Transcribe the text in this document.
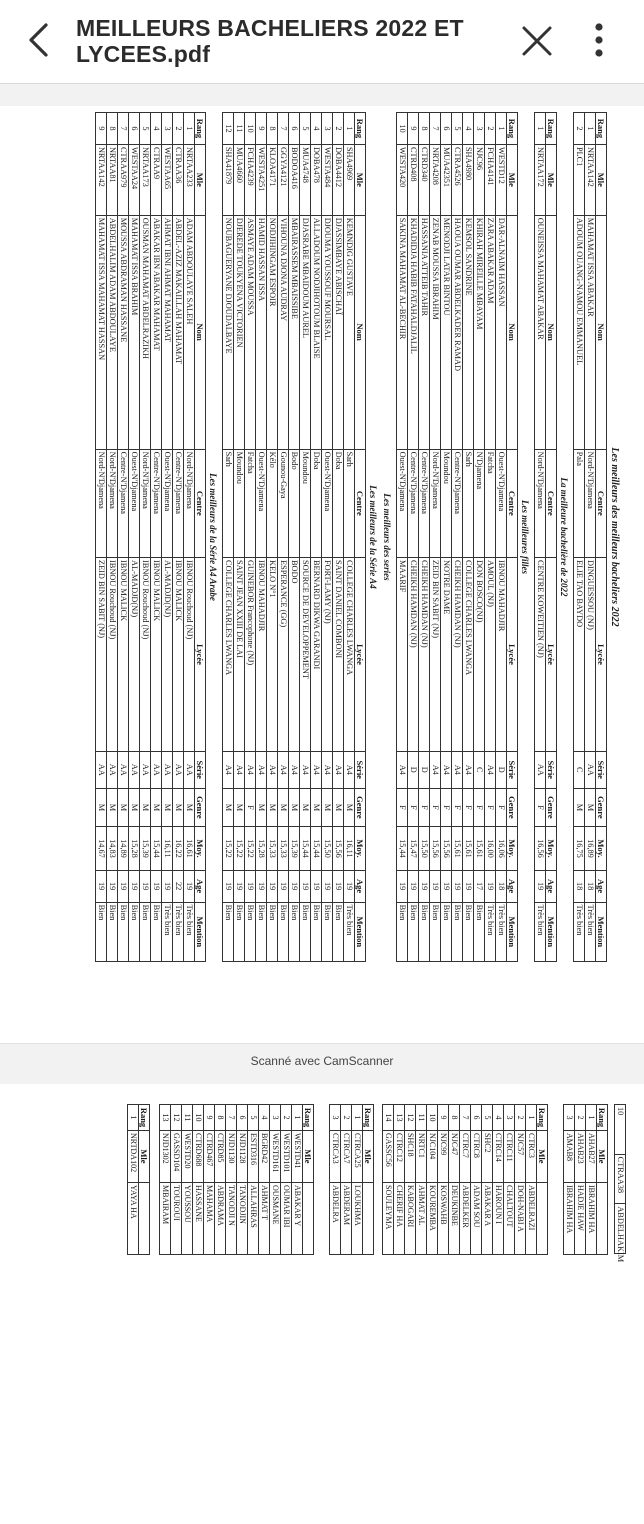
MEILLEURS BACHELIERS 2022 ET LYCEES.pdf
Les meilleurs des meilleurs bacheliers 2022
Rang	Mle	Nom	Centre	Lycée	Série	Genre	Moy.	Age	Mention
1	NRTAA142	MAHAMAT ISSA ABAKAR	Nord-N'Djamena	DINGUESSOU (NJ)	AA	M	16,89	18	Très bien
2	PLC1	ADOUM OUANG-NAMOU EMMANUEL	Pala	ELIE TAO BAYDO	C	M	16,75	18	Très bien
La meilleure bachelière de 2022
Rang	Mle	Nom	Centre	Lycée	Série	Genre	Moy.	Age	Mention
1	NRTAA172	OUNEISSA MAHAMAT ABAKAR	Nord-N'Djamena	CENTRE KOWEITIEN (NJ)	AA	F	16,56	19	Très bien
Les meilleures filles
Rang	Mle	Nom	Centre	Lycée	Série	Genre	Moy.	Age	Mention
1	WESTD12	DAR-ALNAIM HASSAN	Ouest-N'Djamena	IBNOU MAHADJIR	D	F	16,06	18	Très bien
2	FCHA4141	ZARA ABAKAR ADAM	Fatcha	AMOUL (NJ)	A4	F	16,00	19	Très bien
3	NJC96	KHIRAH MIREILLE MBAYAM	N'Djamena	DON BOSCO(NJ)	C	F	15,61	17	Bien
4	SHA4980	KEMSOL SANDRINE	Sarh	COLLEGE CHARLES LWANGA	A4	F	15,61	19	Bien
5	CTRA4526	HAOUA OUMAR ABDELKADER RAMAD	Centre-N'Djamena	CHEIKH HAMDAN (NJ)	A4	F	15,61	19	Bien
6	MUA42351	MENODJI LATAR BINTOU	Moundou	NOTRE DAME	A4	F	15,56	19	Bien
7	NRTA4208	ZENAB MOUSSA IBRAHIM	Nord-N'Djamena	ZEID BIN SABIT (NJ)	A4	F	15,56	19	Bien
8	CTRD340	HASSANIA ATTEIB TAHIR	Centre-N'Djamena	CHEIKH HAMDAN (NJ)	D	F	15,50	19	Bien
9	CTRD408	KHADIDJA HABIB FATAHALDJALIL	Centre-N'Djamena	CHEIKH HAMDAN (NJ)	D	F	15,47	19	Bien
10	WESTA420	SAKINA MAHAMAT AL-BECHIR	Ouest-N'Djamena	MAARIF	A4	F	15,44	19	Bien
Les meilleurs des series
Les meilleurs de la Série A4
Rang	Mle	Nom	Centre	Lycée	Série	Genre	Moy.	Age	Mention
1	SHA4969	KEMNDIG GUSTAVE	Sarh	COLLEGE CHARLES LWANGA	A4	M	16,11	19	Très bien
2	DOBA4412	DJASSIMBAYE ABISCHAÏ	Doba	SAINT DANIEL COMBONI	A4	M	15,56	19	Bien
3	WESTA484	DJOUMA YOUSSOUF MOURSAL	Ouest-N'Djamena	FORT-LAMY (NJ)	A4	M	15,50	19	Bien
4	DOBA478	ALLADOUM NODJIHOTOUM BLAISE	Doba	BERNARD DIKWA GARANDI	A4	M	15,44	19	Bien
5	MUA4748	DJASRABE MBAIDOUM AUREL	Moundou	SOURCE DE DEVELOPPEMENT	A4	M	15,44	19	Bien
6	BODOA416	MBAIRASSEM MBAISSIBE	Bodo	BODO	A4	M	15,39	19	Bien
7	GGYA4121	VIHOUNA DJONA AUDRAY	Gounou-Gaya	ESPERANCE (GG)	A4	M	15,33	19	Bien
8	KLOA4171	NODJIHINGAM ESPOIR	Kélo	KELO N°1	A4	M	15,33	19	Bien
9	WESTA4251	HAMID HASSAN ISSA	Ouest-N'Djamena	IBNOU MAHADJIR	A4	M	15,28	19	Bien
10	FCHA4239	ASMAYE ADAM MOUSSA	Fatcha	GUINEBOR Francophone (NJ)	A4	F	15,22	19	Bien
11	MUA4660	DJEREDE TOUKYENA VICTORIEN	Moundou	SAINT JEAN XXIII DE LAI	A4	M	15,22	19	Bien
12	SHA41879	NOUBAGUERYANE DJOUDALBAYE	Sarh	COLLEGE CHARLES LWANGA	A4	M	15,22	19	Bien
Les meilleurs de la Série A4 Arabe
Rang	Mle	Nom	Centre	Lycée	Série	Genre	Moy.	Age	Mention
1	NRTAA233	ADAM ABDOULAYE SALEH	Nord-N'Djamena	IBNOU Rouchoud (NJ)	AA	M	16,61	19	Très bien
2	CTRAA36	ABDEL-AZIZ MAKAILLAH MAHAMAT	Centre-N'Djamena	IBNOU MALICK	AA	M	16,22	22	Très bien
3	WESTAA65	AHMAT IBNI AHMAT MAHAMAT	Ouest-N'Djamena	AL-MADJD(NJ)	AA	M	16,11	19	Très bien
4	CTRAA9	ABAKAR IBN ABAKAR MAHAMAT	Centre-N'Djamena	IBNOU MALICK	AA	M	15,44	19	Bien
5	NRTAA173	OUSMAN MAHAMAT ABDELRAZIKH	Nord-N'Djamena	IBNOU Rouchoud (NJ)	AA	M	15,39	19	Bien
6	WESTAA24	MAHAMAT ISSA BRAHIM	Ouest-N'Djamena	AL-MADJD(NJ)	AA	M	15,28	19	Bien
7	CTRAA979	MOUSSA ABDRAMAN HASSANE	Centre-N'Djamena	IBNOU MALICK	AA	M	14,89	19	Bien
8	NRTAA81	ABDELHALIM ADAM ABDOULAYE	Nord-N'Djamena	IBNOU Rouchoud (NJ)	AA	M	14,83	19	Bien
9	NRTAA142	MAHAMAT ISSA MAHAMAT HASSAN	Nord-N'Djamena	ZEID BIN SABIT (NJ)	AA	M	14,67	19	Bien
Scanné avec CamScanner
10	CTRAA38	ABDELHAKIM
Rang	Mle	
1	AHAB27	IBRAHIM HA
2	AHAB23	HADJE HAW
3	AMAB8	IBRAHIM HA
Rang	Mle	
1	CTRC3	ABDELRAZI
2	NJC57	DOH-NABI A
3	CTRC11	CHALTOUT
4	CTRC14	HAROUN I
5	SHC2	ABAKAR A
6	CTRC8	ADAM SOU
7	CTRC7	ABDELKER
8	NJC47	DEUKINBE
9	NJC99	KOSWAHB
10	NJC104	KOUREMBA
11	NRTC1	AHMAT AL
12	SHC18	KABOGARI
13	CTRC12	CHERIF HA
14	GASSC56	SOULEYMA
Rang	Mle	
1	CTRCA25	LOUKHMA
2	CTRCA7	ABDERAM
3	CTRCA3	ABDELRA
Rang	Mle	
1	WESTD41	ABAKAR Y
2	WESTD101	OUMAR IBI
3	WESTD161	OUSMANE
4	BGRD42	AHMAT T
5	ESTD316	ALLAHRAS
6	NJD1128	TANODJIN
7	NJD1130	TANODJI N
8	CTRD85	ABDRAMA
9	CTRD467	MAHAMA
10	CTRD688	HASSANE
11	WESTD20	YOUSSOU
12	GASSD104	TOUROUI
13	NJD1302	MBAIRAM
Rang	Mle	
1	NRTDA102	YAYA HA
